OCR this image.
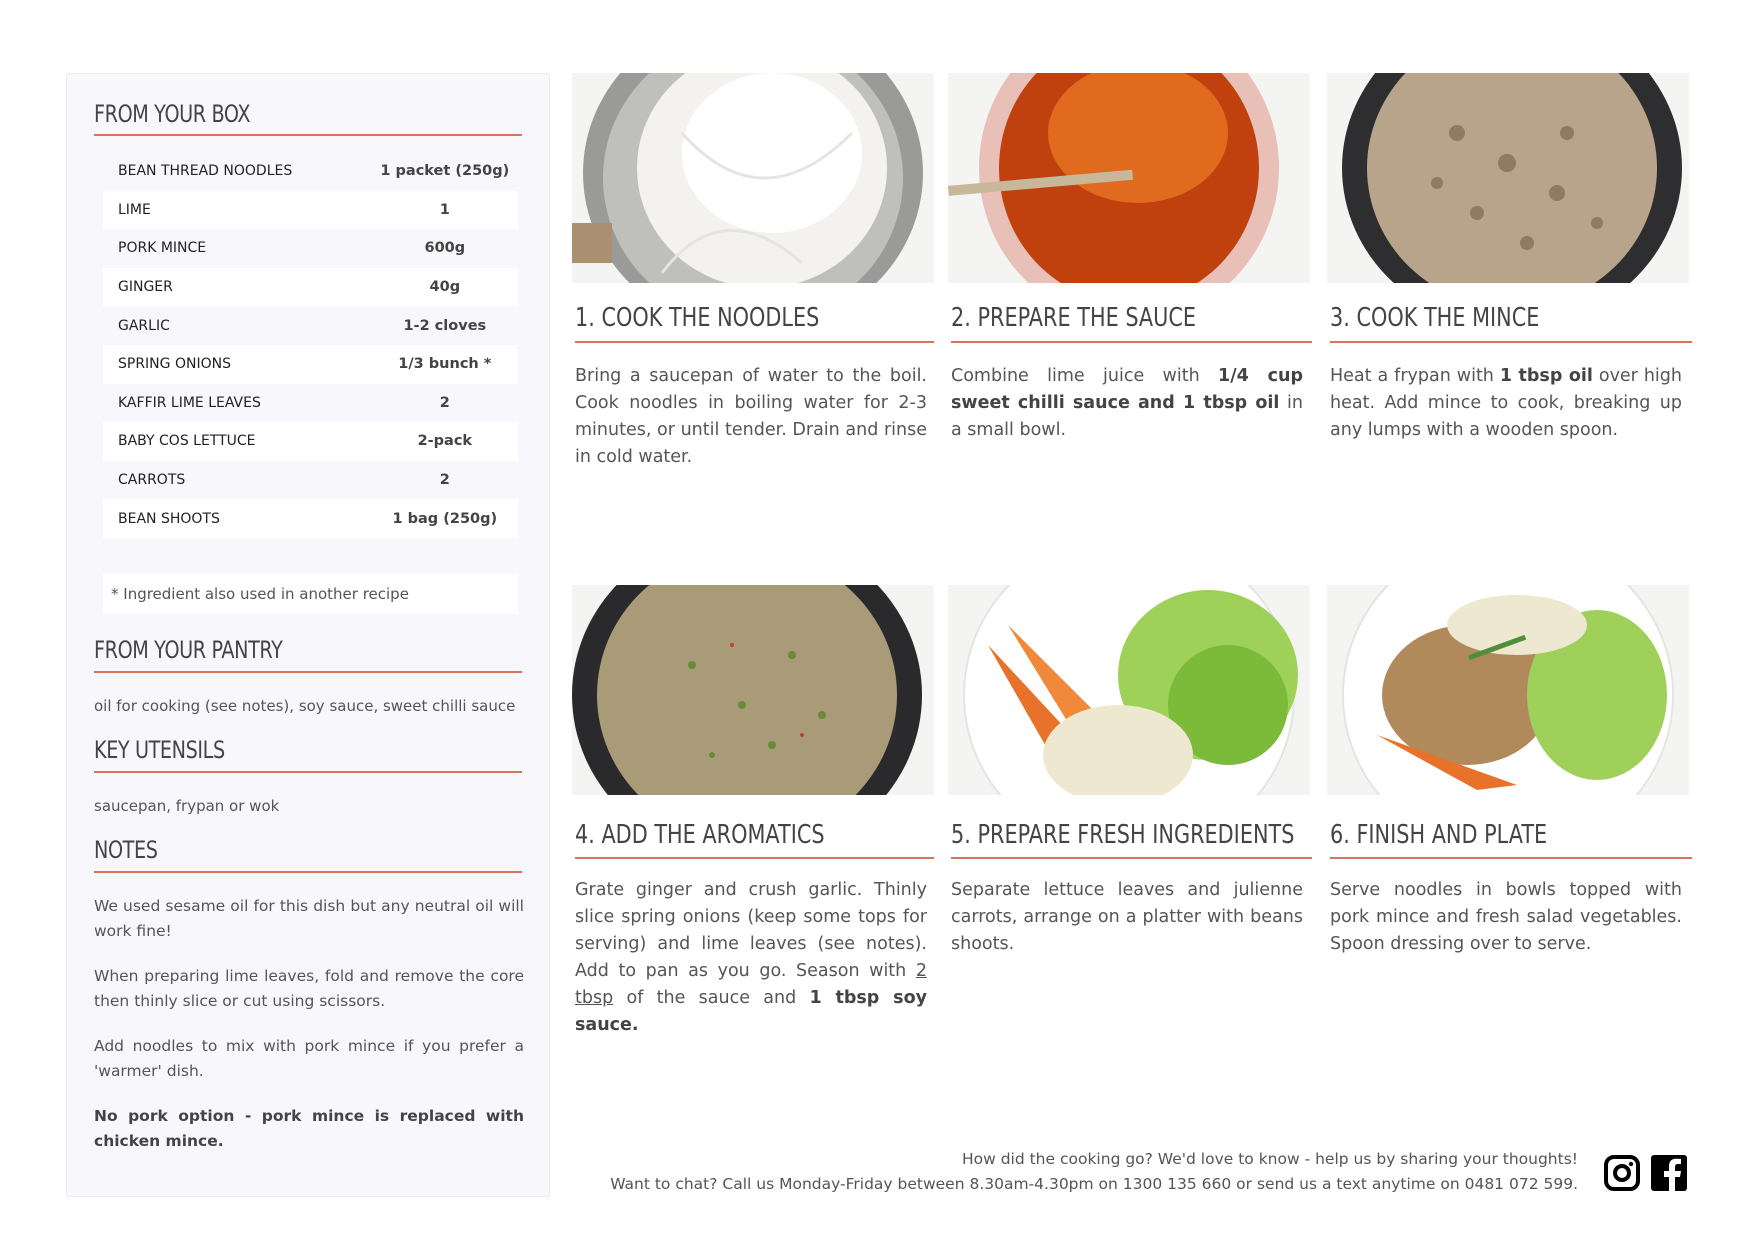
FROM YOUR BOX
BEAN THREAD NOODLES	1 packet (250g)
LIME	1
PORK MINCE	600g
GINGER	40g
GARLIC	1-2 cloves
SPRING ONIONS	1/3 bunch *
KAFFIR LIME LEAVES	2
BABY COS LETTUCE	2-pack
CARROTS	2
BEAN SHOOTS	1 bag (250g)
* Ingredient also used in another recipe
FROM YOUR PANTRY
oil for cooking (see notes), soy sauce, sweet chilli sauce
KEY UTENSILS
saucepan, frypan or wok
NOTES
We used sesame oil for this dish but any neutral oil will work fine!
When preparing lime leaves, fold and remove the core then thinly slice or cut using scissors.
Add noodles to mix with pork mince if you prefer a 'warmer' dish.
No pork option - pork mince is replaced with chicken mince.
1. COOK THE NOODLES	2. PREPARE THE SAUCE	3. COOK THE MINCE
4. ADD THE AROMATICS	5. PREPARE FRESH INGREDIENTS 6. FINISH AND PLATE
Bring a saucepan of water to the boil. Cook noodles in boiling water for 2-3 minutes, or until tender. Drain and rinse in cold water.
Combine lime juice with 1/4 cup sweet chilli sauce and 1 tbsp oil in a small bowl.
Heat a frypan with 1 tbsp oil over high heat. Add mince to cook, breaking up any lumps with a wooden spoon.
Grate ginger and crush garlic. Thinly slice spring onions (keep some tops for serving) and lime leaves (see notes). Add to pan as you go. Season with 2 tbsp of the sauce and 1 tbsp soy sauce.
Separate lettuce leaves and julienne carrots, arrange on a platter with beans shoots.
Serve noodles in bowls topped with pork mince and fresh salad vegetables. Spoon dressing over to serve.
How did the cooking go? We'd love to know - help us by sharing your thoughts!
Want to chat? Call us Monday-Friday between 8.30am-4.30pm on 1300 135 660 or send us a text anytime on 0481 072 599.
